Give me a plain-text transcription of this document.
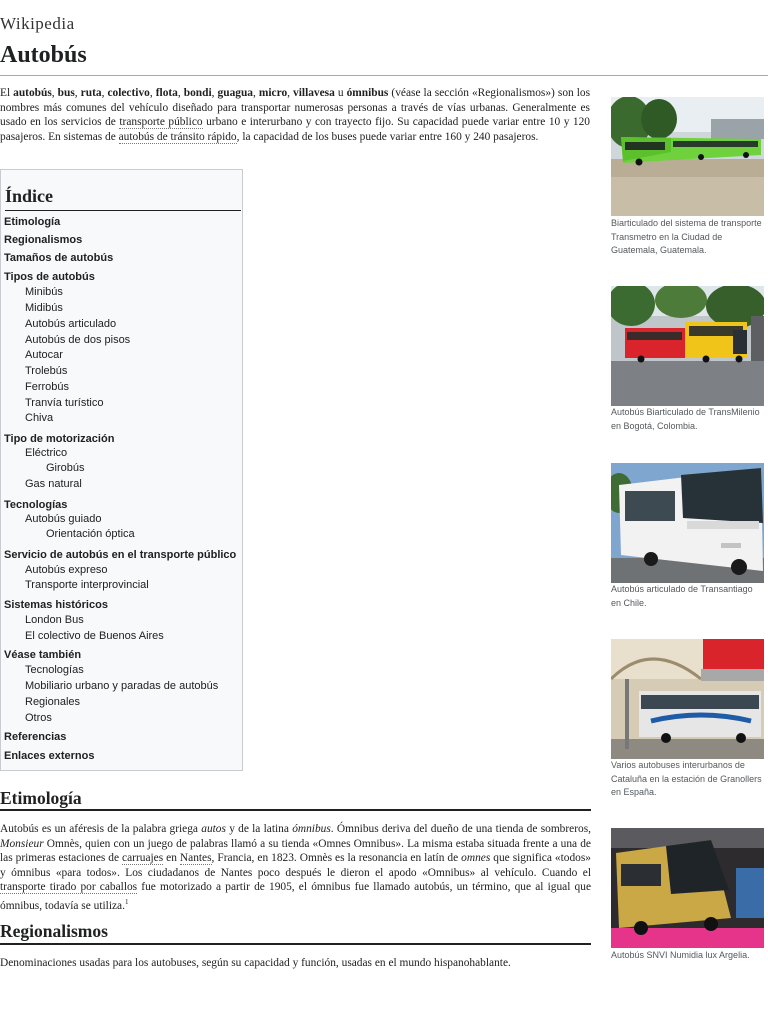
Wikipedia
Autobús

El autobús, bus, ruta, colectivo, flota, bondi, guagua, micro, villavesa u ómnibus (véase la sección «Regionalismos») son los nombres más comunes del vehículo diseñado para transportar numerosas personas a través de vías urbanas. Generalmente es usado en los servicios de transporte público urbano e interurbano y con trayecto fijo. Su capacidad puede variar entre 10 y 120 pasajeros. En sistemas de autobús de tránsito rápido, la capacidad de los buses puede variar entre 160 y 240 pasajeros.

Índice
Etimología
Regionalismos
Tamaños de autobús
Tipos de autobús
Minibús
Midibús
Autobús articulado
Autobús de dos pisos
Autocar
Trolebús
Ferrobús
Tranvía turístico
Chiva
Tipo de motorización
Eléctrico
Girobús
Gas natural
Tecnologías
Autobús guiado
Orientación óptica
Servicio de autobús en el transporte público
Autobús expreso
Transporte interprovincial
Sistemas históricos
London Bus
El colectivo de Buenos Aires
Véase también
Tecnologías
Mobiliario urbano y paradas de autobús
Regionales
Otros
Referencias
Enlaces externos
Etimología

Autobús es un aféresis de la palabra griega autos y de la latina ómnibus. Ómnibus deriva del dueño de una tienda de sombreros, Monsieur Omnès, quien con un juego de palabras llamó a su tienda «Omnes Omnibus». La misma estaba situada frente a una de las primeras estaciones de carruajes en Nantes, Francia, en 1823. Omnès es la resonancia en latín de omnes que significa «todos» y ómnibus «para todos». Los ciudadanos de Nantes poco después le dieron el apodo «Omnibus» al vehículo. Cuando el transporte tirado por caballos fue motorizado a partir de 1905, el ómnibus fue llamado autobús, un término, que al igual que ómnibus, todavía se utiliza.$^1$

Regionalismos

Denominaciones usadas para los autobuses, según su capacidad y función, usadas en el mundo hispanohablante.

Biarticulado del sistema de transporte Transmetro en la Ciudad de Guatemala, Guatemala.

Autobús Biarticulado de TransMilenio en Bogotá, Colombia.

Autobús articulado de Transantiago en Chile.

Varios autobuses interurbanos de Cataluña en la estación de Granollers en España.

Autobús SNVI Numidia lux Argelia.
